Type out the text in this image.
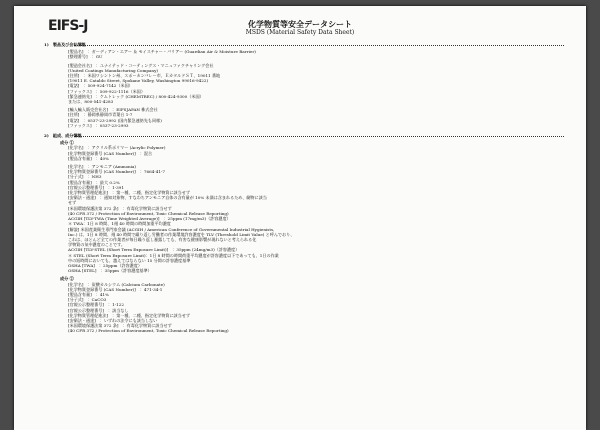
EIFS-J	化学物質等安全データシート
MSDS (Material Safety Data Sheet)
1)　製品及び会社情報
[製品名]　：ガーディアン・エアー ＆ モイスチャー・バリアー (Guardian Air & Moisture Barrier)
[整理番号]　：GU
[製造会社名]　：ユナイテッド・コーティングス・マニュファクチャリング会社
(United Coatings Manufacturing Company)
[住所]　：米国ワシントン州、スポーカンバレー市、ＥカタルドＳＴ、19011 番地
(19011 E. Cataldo Street, Spokane Valley, Washington 99016-9422)
[電話]　：509-924-7142（米国）
[ファックス]　：509-922-1116（米国）
[緊急連絡先]　：ケムトレック (CHEMTREC) / 800-424-9300（米国）
または、800-541-4283
[輸入輸入販売会社名]　：EIFSJAPAN 株式会社
[住所]　：静岡県静岡市青葉台 1-7
[電話]　：0537-23-2992 (国内緊急連絡先も同様)
[ファックス]　：0537-23-2993
2)　組成、成分情報
成分 ①
[化学名]　：アクリル系ポリマー (Acrylic Polymer)
[化学物質登録番号 (CAS Number)]　：混合
[製品含有量]　：40%
[化学名]　：アンモニア (Ammonia)
[化学物質登録番号 (CAS Number)]　：7664-41-7
[分子式]　：NH3
[製品含有量]　：最大 0.2%
[官報公示整理番号]　：1-391
[化学物質管理促進法]　：第一種、二種、指定化学物質に該当せず
[安衛法・通達]　：通知対象物、すなわちアンモニア自体の含有量が 10% 未満は含まれるため、劇物に該当
せず
[米国環境保護法第 372 条]　：有毒化学物質に該当せず
(40 CFR 372 / Protection of Environment, Toxic Chemical Release Reporting)
ACGIH [TLV-TWA (Time Weighted Average)]　：25ppm (17mg/m3)（許容濃度）
＊ TWA：1日 8 時間、1週 40 時間の時間加重平均濃度
[解説] 米国産業衛生専門家会議 (ACGIH / American Conference of Governmental Industrial Hygienists,
Inc.) は、1日 8 時間、週 40 時間で繰り返し労働者の作業環境許容濃度を TLV (Threshold Limit Value) と呼んでおり、
これは、ほとんど全ての作業者が毎日繰り返し暴露しても、有害な健康影響が現れないと考えられる化
学物質の気中濃度のことです。
ACGIH [TLV-STEL (Short Term Exposure Limit)]　：35ppm (24mg/m3)（許容濃度）
＊ STEL (Short Term Exposure Limit)：1日 8 時間の時間荷重平均濃度が許容濃度以下であっても、1日の作業
中の短時間においても、越えてはならない 15 分間の許容濃度基準
OSHA [TWA]　：25ppm（許容濃度）
OSHA [STEL]　：35ppm（許容濃度基準）
成分 ②
[化学名]　：炭酸カルシウム (Calcium Carbonate)
[化学物質登録番号 (CAS Number)]　：471-34-1
[製品含有量]　：41%
[分子式]　：CaCO3
[官報公示整理番号]　：1-122
[官報公示整理番号]　：該当なし
[化学物質管理促進法]　：第一種、二種、指定化学物質に該当せず
[安衛法・通達]　：いずれの法令にも該当しない
[米国環境保護法第 372 条]　：有毒化学物質に該当せず
(40 CFR 372 / Protection of Environment, Toxic Chemical Release Reporting)
